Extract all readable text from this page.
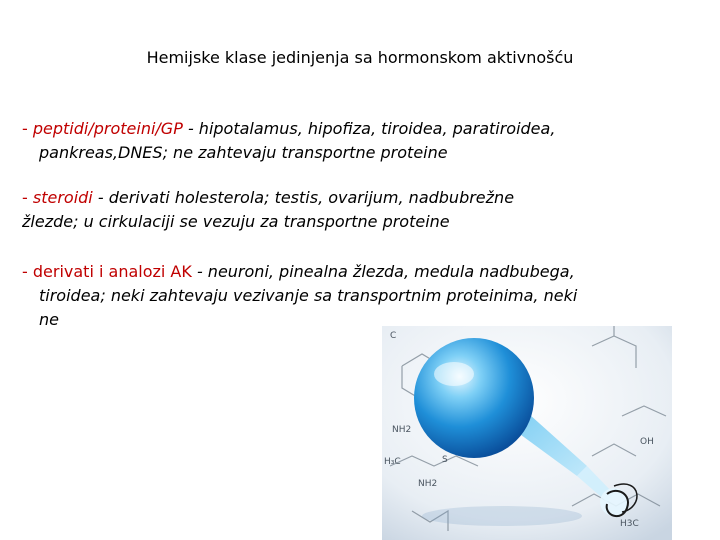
Hemijske klase jedinjenja sa hormonskom aktivnošću
- peptidi/proteini/GP - hipotalamus, hipofiza, tiroidea, paratiroidea,
pankreas,DNES; ne zahtevaju transportne proteine
- steroidi - derivati holesterola; testis, ovarijum, nadbubrežne
žlezde; u cirkulaciji se vezuju za transportne proteine
- derivati i analozi AK - neuroni, pinealna žlezda, medula nadbubega,
tiroidea; neki zahtevaju vezivanje sa transportnim proteinima, neki
ne
NH2
OH
H₃C	S
NH2
H3C
C
